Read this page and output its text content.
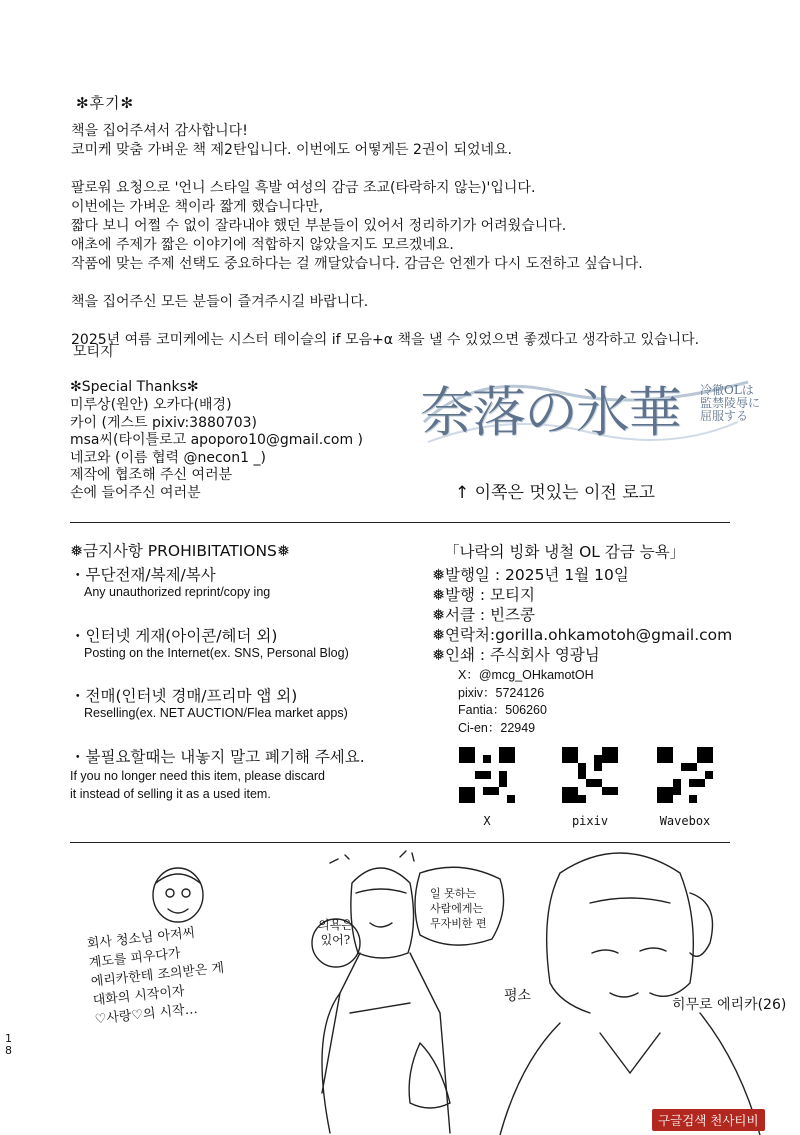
✻후기✻
책을 집어주셔서 감사합니다!
코미케 맞춤 가벼운 책 제2탄입니다. 이번에도 어떻게든 2권이 되었네요.
팔로워 요청으로 '언니 스타일 흑발 여성의 감금 조교(타락하지 않는)'입니다.
이번에는 가벼운 책이라 짧게 했습니다만,
짧다 보니 어쩔 수 없이 잘라내야 했던 부분들이 있어서 정리하기가 어려웠습니다.
애초에 주제가 짧은 이야기에 적합하지 않았을지도 모르겠네요.
작품에 맞는 주제 선택도 중요하다는 걸 깨달았습니다. 감금은 언젠가 다시 도전하고 싶습니다.
책을 집어주신 모든 분들이 즐겨주시길 바랍니다.
2025년 여름 코미케에는 시스터 테이슬의 if 모음+α 책을 낼 수 있었으면 좋겠다고 생각하고 있습니다.
모티지
✻Special Thanks✻
미루상(원안) 오카다(배경)
카이 (게스트 pixiv:3880703)
msa씨(타이틀로고 apoporo10@gmail.com )
네코와 (이름 협력 @necon1 _)
제작에 협조해 주신 여러분
손에 들어주신 여러분
奈落の氷華 冷徹OLは
監禁陵辱に
屈服する
↑ 이쪽은 멋있는 이전 로고
❅금지사항 PROHIBITATIONS❅
・무단전재/복제/복사
Any unauthorized reprint/copy ing
・인터넷 게재(아이콘/헤더 외)
Posting on the Internet(ex. SNS, Personal Blog)
・전매(인터넷 경매/프리마 앱 외)
Reselling(ex. NET AUCTION/Flea market apps)
・불필요할때는 내놓지 말고 폐기해 주세요.
If you no longer need this item, please discard
it instead of selling it as a used item.
「나락의 빙화 냉철 OL 감금 능욕」
❅발행일 : 2025년 1월 10일
❅발행 : 모티지
❅서클 : 빈즈콩
❅연락처:gorilla.ohkamotoh@gmail.com
❅인쇄 : 주식회사 영광님
X：@mcg_OHkamotOH
pixiv：5724126
Fantia：506260
Ci-en：22949
X	pixiv	Wavebox
회사 청소님 아저씨
계도를 피우다가
에리카한테 조의받은 게
대화의 시작이자
♡사랑♡의 시작…
의욕은
있어?
일 못하는
사람에게는
무자비한 편
평소
히무로 에리카(26)
18
구글검색 천사티비
